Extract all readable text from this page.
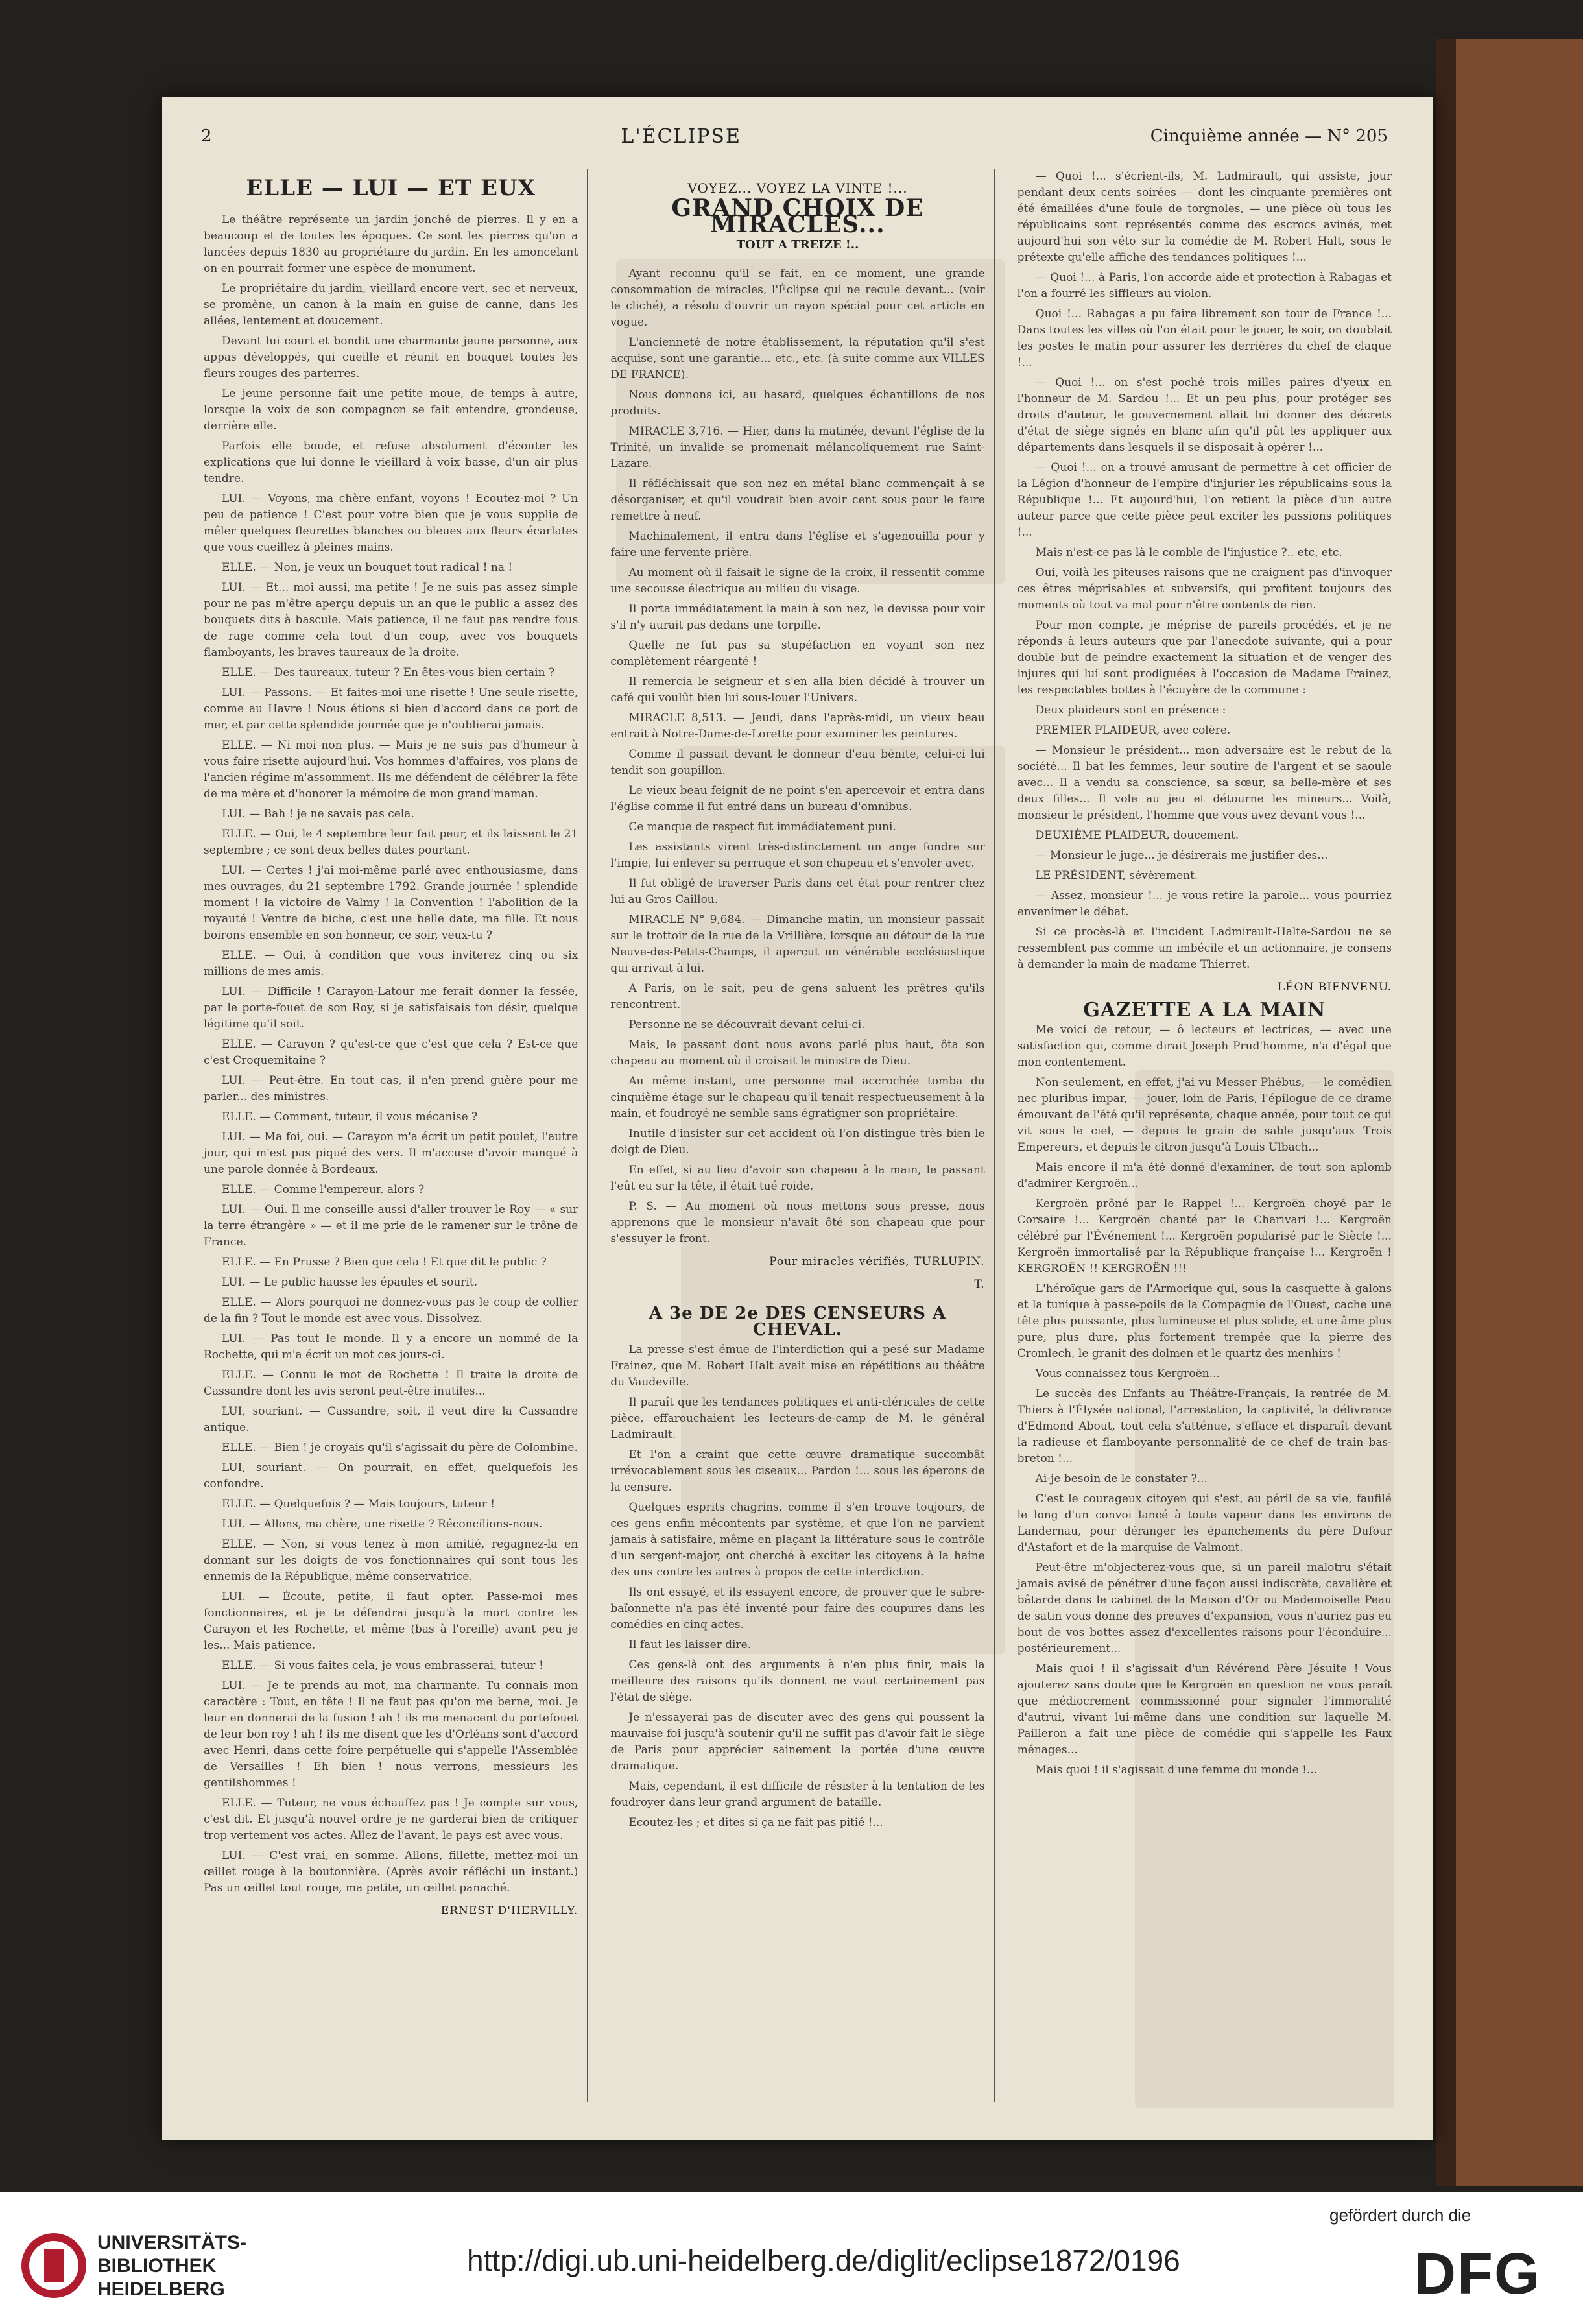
2	L'ÉCLIPSE	Cinquième année — N° 205
ELLE — LUI — ET EUX

Le théâtre représente un jardin jonché de pierres. Il y en a beaucoup et de toutes les époques. Ce sont les pierres qu'on a lancées depuis 1830 au propriétaire du jardin. En les amoncelant on en pourrait former une espèce de monument.

Le propriétaire du jardin, vieillard encore vert, sec et nerveux, se promène, un canon à la main en guise de canne, dans les allées, lentement et doucement.

Devant lui court et bondit une charmante jeune personne, aux appas développés, qui cueille et réunit en bouquet toutes les fleurs rouges des parterres.

Le jeune personne fait une petite moue, de temps à autre, lorsque la voix de son compagnon se fait entendre, grondeuse, derrière elle.

Parfois elle boude, et refuse absolument d'écouter les explications que lui donne le vieillard à voix basse, d'un air plus tendre.

LUI. — Voyons, ma chère enfant, voyons ! Ecoutez-moi ? Un peu de patience ! C'est pour votre bien que je vous supplie de mêler quelques fleurettes blanches ou bleues aux fleurs écarlates que vous cueillez à pleines mains.

ELLE. — Non, je veux un bouquet tout radical ! na !

LUI. — Et... moi aussi, ma petite ! Je ne suis pas assez simple pour ne pas m'être aperçu depuis un an que le public a assez des bouquets dits à bascule. Mais patience, il ne faut pas rendre fous de rage comme cela tout d'un coup, avec vos bouquets flamboyants, les braves taureaux de la droite.

ELLE. — Des taureaux, tuteur ? En êtes-vous bien certain ?

LUI. — Passons. — Et faites-moi une risette ! Une seule risette, comme au Havre ! Nous étions si bien d'accord dans ce port de mer, et par cette splendide journée que je n'oublierai jamais.

ELLE. — Ni moi non plus. — Mais je ne suis pas d'humeur à vous faire risette aujourd'hui. Vos hommes d'affaires, vos plans de l'ancien régime m'assomment. Ils me défendent de célébrer la fête de ma mère et d'honorer la mémoire de mon grand'maman.

LUI. — Bah ! je ne savais pas cela.

ELLE. — Oui, le 4 septembre leur fait peur, et ils laissent le 21 septembre ; ce sont deux belles dates pourtant.

LUI. — Certes ! j'ai moi-même parlé avec enthousiasme, dans mes ouvrages, du 21 septembre 1792. Grande journée ! splendide moment ! la victoire de Valmy ! la Convention ! l'abolition de la royauté ! Ventre de biche, c'est une belle date, ma fille. Et nous boirons ensemble en son honneur, ce soir, veux-tu ?

ELLE. — Oui, à condition que vous inviterez cinq ou six millions de mes amis.

LUI. — Difficile ! Carayon-Latour me ferait donner la fessée, par le porte-fouet de son Roy, si je satisfaisais ton désir, quelque légitime qu'il soit.

ELLE. — Carayon ? qu'est-ce que c'est que cela ? Est-ce que c'est Croquemitaine ?

LUI. — Peut-être. En tout cas, il n'en prend guère pour me parler... des ministres.

ELLE. — Comment, tuteur, il vous mécanise ?

LUI. — Ma foi, oui. — Carayon m'a écrit un petit poulet, l'autre jour, qui m'est pas piqué des vers. Il m'accuse d'avoir manqué à une parole donnée à Bordeaux.

ELLE. — Comme l'empereur, alors ?

LUI. — Oui. Il me conseille aussi d'aller trouver le Roy — « sur la terre étrangère » — et il me prie de le ramener sur le trône de France.

ELLE. — En Prusse ? Bien que cela ! Et que dit le public ?

LUI. — Le public hausse les épaules et sourit.

ELLE. — Alors pourquoi ne donnez-vous pas le coup de collier de la fin ? Tout le monde est avec vous. Dissolvez.

LUI. — Pas tout le monde. Il y a encore un nommé de la Rochette, qui m'a écrit un mot ces jours-ci.

ELLE. — Connu le mot de Rochette ! Il traite la droite de Cassandre dont les avis seront peut-être inutiles...

LUI, souriant. — Cassandre, soit, il veut dire la Cassandre antique.

ELLE. — Bien ! je croyais qu'il s'agissait du père de Colombine.

LUI, souriant. — On pourrait, en effet, quelquefois les confondre.

ELLE. — Quelquefois ? — Mais toujours, tuteur !

LUI. — Allons, ma chère, une risette ? Réconcilions-nous.

ELLE. — Non, si vous tenez à mon amitié, regagnez-la en donnant sur les doigts de vos fonctionnaires qui sont tous les ennemis de la République, même conservatrice.

LUI. — Écoute, petite, il faut opter. Passe-moi mes fonctionnaires, et je te défendrai jusqu'à la mort contre les Carayon et les Rochette, et même (bas à l'oreille) avant peu je les... Mais patience.

ELLE. — Si vous faites cela, je vous embrasserai, tuteur !

LUI. — Je te prends au mot, ma charmante. Tu connais mon caractère : Tout, en tête ! Il ne faut pas qu'on me berne, moi. Je leur en donnerai de la fusion ! ah ! ils me menacent du portefouet de leur bon roy ! ah ! ils me disent que les d'Orléans sont d'accord avec Henri, dans cette foire perpétuelle qui s'appelle l'Assemblée de Versailles ! Eh bien ! nous verrons, messieurs les gentilshommes !

ELLE. — Tuteur, ne vous échauffez pas ! Je compte sur vous, c'est dit. Et jusqu'à nouvel ordre je ne garderai bien de critiquer trop vertement vos actes. Allez de l'avant, le pays est avec vous.

LUI. — C'est vrai, en somme. Allons, fillette, mettez-moi un œillet rouge à la boutonnière. (Après avoir réfléchi un instant.) Pas un œillet tout rouge, ma petite, un œillet panaché.

ERNEST D'HERVILLY.
VOYEZ... VOYEZ LA VINTE !...
GRAND CHOIX DE MIRACLES...
TOUT A TREIZE !..

Ayant reconnu qu'il se fait, en ce moment, une grande consommation de miracles, l'Éclipse qui ne recule devant... (voir le cliché), a résolu d'ouvrir un rayon spécial pour cet article en vogue.

L'ancienneté de notre établissement, la réputation qu'il s'est acquise, sont une garantie... etc., etc. (à suite comme aux VILLES DE FRANCE).

Nous donnons ici, au hasard, quelques échantillons de nos produits.

MIRACLE 3,716. — Hier, dans la matinée, devant l'église de la Trinité, un invalide se promenait mélancoliquement rue Saint-Lazare.

Il réfléchissait que son nez en métal blanc commençait à se désorganiser, et qu'il voudrait bien avoir cent sous pour le faire remettre à neuf.

Machinalement, il entra dans l'église et s'agenouilla pour y faire une fervente prière.

Au moment où il faisait le signe de la croix, il ressentit comme une secousse électrique au milieu du visage.

Il porta immédiatement la main à son nez, le devissa pour voir s'il n'y aurait pas dedans une torpille.

Quelle ne fut pas sa stupéfaction en voyant son nez complètement réargenté !

Il remercia le seigneur et s'en alla bien décidé à trouver un café qui voulût bien lui sous-louer l'Univers.

MIRACLE 8,513. — Jeudi, dans l'après-midi, un vieux beau entrait à Notre-Dame-de-Lorette pour examiner les peintures.

Comme il passait devant le donneur d'eau bénite, celui-ci lui tendit son goupillon.

Le vieux beau feignit de ne point s'en apercevoir et entra dans l'église comme il fut entré dans un bureau d'omnibus.

Ce manque de respect fut immédiatement puni.

Les assistants virent très-distinctement un ange fondre sur l'impie, lui enlever sa perruque et son chapeau et s'envoler avec.

Il fut obligé de traverser Paris dans cet état pour rentrer chez lui au Gros Caillou.

MIRACLE N° 9,684. — Dimanche matin, un monsieur passait sur le trottoir de la rue de la Vrillière, lorsque au détour de la rue Neuve-des-Petits-Champs, il aperçut un vénérable ecclésiastique qui arrivait à lui.

A Paris, on le sait, peu de gens saluent les prêtres qu'ils rencontrent.

Personne ne se découvrait devant celui-ci.

Mais, le passant dont nous avons parlé plus haut, ôta son chapeau au moment où il croisait le ministre de Dieu.

Au même instant, une personne mal accrochée tomba du cinquième étage sur le chapeau qu'il tenait respectueusement à la main, et foudroyé ne semble sans égratigner son propriétaire.

Inutile d'insister sur cet accident où l'on distingue très bien le doigt de Dieu.

En effet, si au lieu d'avoir son chapeau à la main, le passant l'eût eu sur la tête, il était tué roide.

P. S. — Au moment où nous mettons sous presse, nous apprenons que le monsieur n'avait ôté son chapeau que pour s'essuyer le front.

Pour miracles vérifiés, TURLUPIN.
T.
A 3e DE 2e DES CENSEURS A CHEVAL.

La presse s'est émue de l'interdiction qui a pesé sur Madame Frainez, que M. Robert Halt avait mise en répétitions au théâtre du Vaudeville.

Il paraît que les tendances politiques et anti-cléricales de cette pièce, effarouchaient les lecteurs-de-camp de M. le général Ladmirault.

Et l'on a craint que cette œuvre dramatique succombât irrévocablement sous les ciseaux... Pardon !... sous les éperons de la censure.

Quelques esprits chagrins, comme il s'en trouve toujours, de ces gens enfin mécontents par système, et que l'on ne parvient jamais à satisfaire, même en plaçant la littérature sous le contrôle d'un sergent-major, ont cherché à exciter les citoyens à la haine des uns contre les autres à propos de cette interdiction.

Ils ont essayé, et ils essayent encore, de prouver que le sabre-baïonnette n'a pas été inventé pour faire des coupures dans les comédies en cinq actes.

Il faut les laisser dire.

Ces gens-là ont des arguments à n'en plus finir, mais la meilleure des raisons qu'ils donnent ne vaut certainement pas l'état de siège.

Je n'essayerai pas de discuter avec des gens qui poussent la mauvaise foi jusqu'à soutenir qu'il ne suffit pas d'avoir fait le siège de Paris pour apprécier sainement la portée d'une œuvre dramatique.

Mais, cependant, il est difficile de résister à la tentation de les foudroyer dans leur grand argument de bataille.

Ecoutez-les ; et dites si ça ne fait pas pitié !...

— Quoi !... s'écrient-ils, M. Ladmirault, qui assiste, jour pendant deux cents soirées — dont les cinquante premières ont été émaillées d'une foule de torgnoles, — une pièce où tous les républicains sont représentés comme des escrocs avinés, met aujourd'hui son véto sur la comédie de M. Robert Halt, sous le prétexte qu'elle affiche des tendances politiques !...

— Quoi !... à Paris, l'on accorde aide et protection à Rabagas et l'on a fourré les siffleurs au violon.

Quoi !... Rabagas a pu faire librement son tour de France !... Dans toutes les villes où l'on était pour le jouer, le soir, on doublait les postes le matin pour assurer les derrières du chef de claque !...

— Quoi !... on s'est poché trois milles paires d'yeux en l'honneur de M. Sardou !... Et un peu plus, pour protéger ses droits d'auteur, le gouvernement allait lui donner des décrets d'état de siège signés en blanc afin qu'il pût les appliquer aux départements dans lesquels il se disposait à opérer !...

— Quoi !... on a trouvé amusant de permettre à cet officier de la Légion d'honneur de l'empire d'injurier les républicains sous la République !... Et aujourd'hui, l'on retient la pièce d'un autre auteur parce que cette pièce peut exciter les passions politiques !...

Mais n'est-ce pas là le comble de l'injustice ?.. etc, etc.

Oui, voilà les piteuses raisons que ne craignent pas d'invoquer ces êtres méprisables et subversifs, qui profitent toujours des moments où tout va mal pour n'être contents de rien.

Pour mon compte, je méprise de pareils procédés, et je ne réponds à leurs auteurs que par l'anecdote suivante, qui a pour double but de peindre exactement la situation et de venger des injures qui lui sont prodiguées à l'occasion de Madame Frainez, les respectables bottes à l'écuyère de la commune :

Deux plaideurs sont en présence :

PREMIER PLAIDEUR, avec colère.

— Monsieur le président... mon adversaire est le rebut de la société... Il bat les femmes, leur soutire de l'argent et se saoule avec... Il a vendu sa conscience, sa sœur, sa belle-mère et ses deux filles... Il vole au jeu et détourne les mineurs... Voilà, monsieur le président, l'homme que vous avez devant vous !...

DEUXIÈME PLAIDEUR, doucement.

— Monsieur le juge... je désirerais me justifier des...

LE PRÉSIDENT, sévèrement.

— Assez, monsieur !... je vous retire la parole... vous pourriez envenimer le débat.

Si ce procès-là et l'incident Ladmirault-Halte-Sardou ne se ressemblent pas comme un imbécile et un actionnaire, je consens à demander la main de madame Thierret.

LÉON BIENVENU.
GAZETTE A LA MAIN

Me voici de retour, — ô lecteurs et lectrices, — avec une satisfaction qui, comme dirait Joseph Prud'homme, n'a d'égal que mon contentement.

Non-seulement, en effet, j'ai vu Messer Phébus, — le comédien nec pluribus impar, — jouer, loin de Paris, l'épilogue de ce drame émouvant de l'été qu'il représente, chaque année, pour tout ce qui vit sous le ciel, — depuis le grain de sable jusqu'aux Trois Empereurs, et depuis le citron jusqu'à Louis Ulbach...

Mais encore il m'a été donné d'examiner, de tout son aplomb d'admirer Kergroën...

Kergroën prôné par le Rappel !... Kergroën choyé par le Corsaire !... Kergroën chanté par le Charivari !... Kergroën célébré par l'Événement !... Kergroën popularisé par le Siècle !... Kergroën immortalisé par la République française !... Kergroën ! KERGROËN !! KERGROËN !!!

L'héroïque gars de l'Armorique qui, sous la casquette à galons et la tunique à passe-poils de la Compagnie de l'Ouest, cache une tête plus puissante, plus lumineuse et plus solide, et une âme plus pure, plus dure, plus fortement trempée que la pierre des Cromlech, le granit des dolmen et le quartz des menhirs !

Vous connaissez tous Kergroën...

Le succès des Enfants au Théâtre-Français, la rentrée de M. Thiers à l'Élysée national, l'arrestation, la captivité, la délivrance d'Edmond About, tout cela s'atténue, s'efface et disparaît devant la radieuse et flamboyante personnalité de ce chef de train bas-breton !...

Ai-je besoin de le constater ?...

C'est le courageux citoyen qui s'est, au péril de sa vie, faufilé le long d'un convoi lancé à toute vapeur dans les environs de Landernau, pour déranger les épanchements du père Dufour d'Astafort et de la marquise de Valmont.

Peut-être m'objecterez-vous que, si un pareil malotru s'était jamais avisé de pénétrer d'une façon aussi indiscrète, cavalière et bâtarde dans le cabinet de la Maison d'Or ou Mademoiselle Peau de satin vous donne des preuves d'expansion, vous n'auriez pas eu bout de vos bottes assez d'excellentes raisons pour l'éconduire... postérieurement...

Mais quoi ! il s'agissait d'un Révérend Père Jésuite ! Vous ajouterez sans doute que le Kergroën en question ne vous paraît que médiocrement commissionné pour signaler l'immoralité d'autrui, vivant lui-même dans une condition sur laquelle M. Pailleron a fait une pièce de comédie qui s'appelle les Faux ménages...

Mais quoi ! il s'agissait d'une femme du monde !...

UNIVERSITÄTS-
BIBLIOTHEK
HEIDELBERG
http://digi.ub.uni-heidelberg.de/diglit/eclipse1872/0196
gefördert durch die
DFG
